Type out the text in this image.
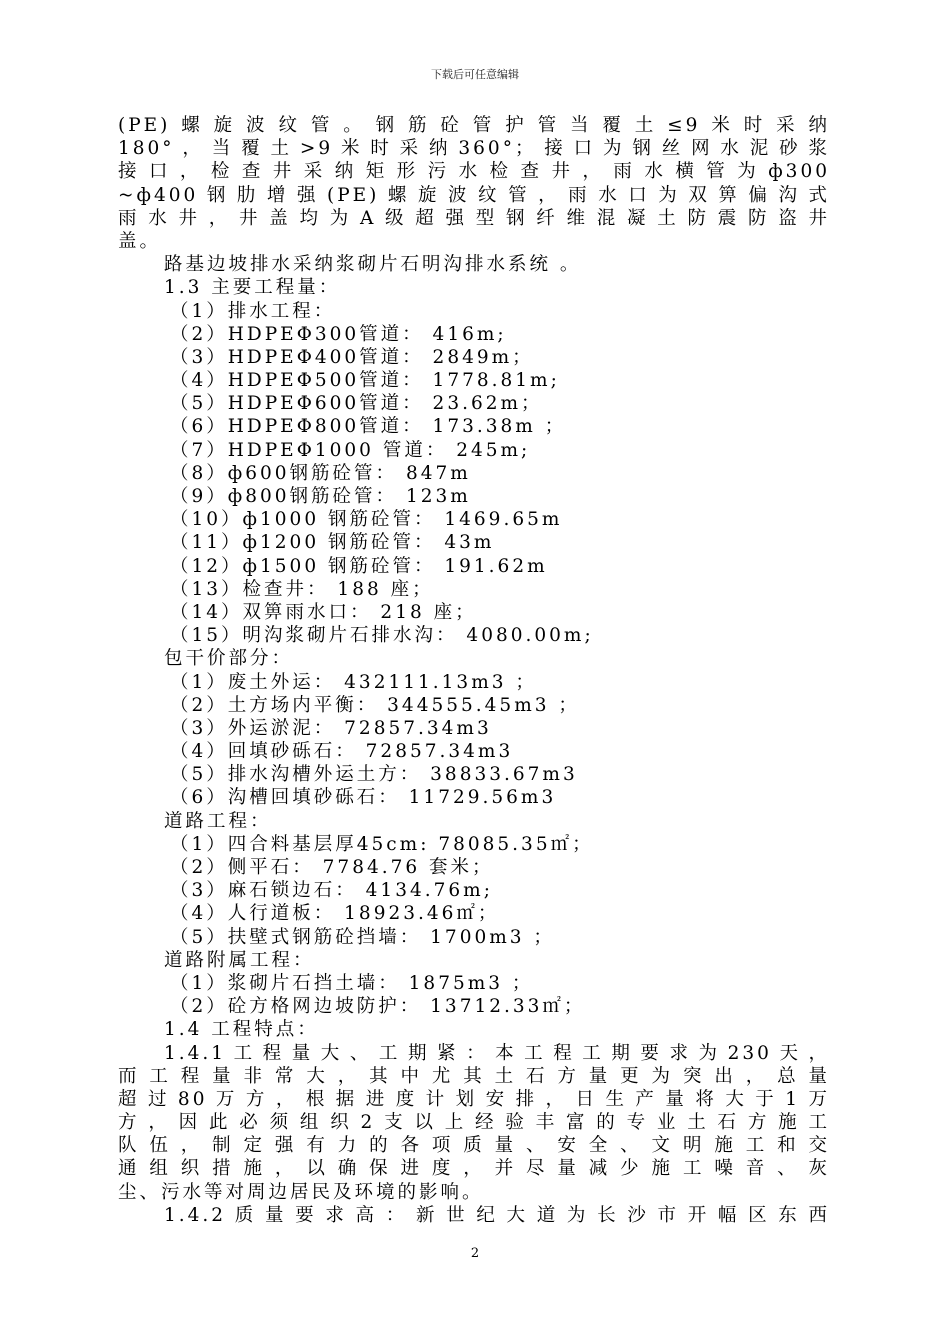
下载后可任意编辑
(PE)螺旋波纹管。钢筋砼管护管当覆土≤9米时采纳
180°，当覆土>9米时采纳360°；接口为钢丝网水泥砂浆
接口，检查井采纳矩形污水检查井，雨水横管为ф300
~ф400钢肋增强(PE)螺旋波纹管，雨水口为双箅偏沟式
雨水井，井盖均为A级超强型钢纤维混凝土防震防盗井
盖。
路基边坡排水采纳浆砌片石明沟排水系统 。
1.3 主要工程量：
（1）排水工程：
（2）HDPEΦ300管道： 416m;
（3）HDPEΦ400管道： 2849m；
（4）HDPEΦ500管道： 1778.81m;
（5）HDPEΦ600管道： 23.62m；
（6）HDPEΦ800管道： 173.38m ；
（7）HDPEΦ1000 管道： 245m;
（8）ф600钢筋砼管： 847m
（9）ф800钢筋砼管： 123m
（10）ф1000 钢筋砼管： 1469.65m
（11）ф1200 钢筋砼管： 43m
（12）ф1500 钢筋砼管： 191.62m
（13）检查井： 188 座；
（14）双箅雨水口： 218 座；
（15）明沟浆砌片石排水沟： 4080.00m;
包干价部分：
（1）废土外运： 432111.13m3 ；
（2）土方场内平衡： 344555.45m3 ；
（3）外运淤泥： 72857.34m3
（4）回填砂砾石： 72857.34m3
（5）排水沟槽外运土方： 38833.67m3
（6）沟槽回填砂砾石： 11729.56m3
道路工程：
（1）四合料基层厚45cm: 78085.35㎡；
（2）侧平石： 7784.76 套米；
（3）麻石锁边石： 4134.76m;
（4）人行道板： 18923.46㎡；
（5）扶壁式钢筋砼挡墙： 1700m3 ；
道路附属工程：
（1）浆砌片石挡土墙： 1875m3 ；
（2）砼方格网边坡防护： 13712.33㎡；
1.4 工程特点：
1.4.1工程量大、工期紧：本工程工期要求为230天，
而工程量非常大，其中尤其土石方量更为突出，总量
超过80万方，根据进度计划安排，日生产量将大于1万
方，因此必须组织2支以上经验丰富的专业土石方施工
队伍，制定强有力的各项质量、安全、文明施工和交
通组织措施，以确保进度，并尽量减少施工噪音、灰
尘、污水等对周边居民及环境的影响。
1.4.2质量要求高：新世纪大道为长沙市开幅区东西
2
